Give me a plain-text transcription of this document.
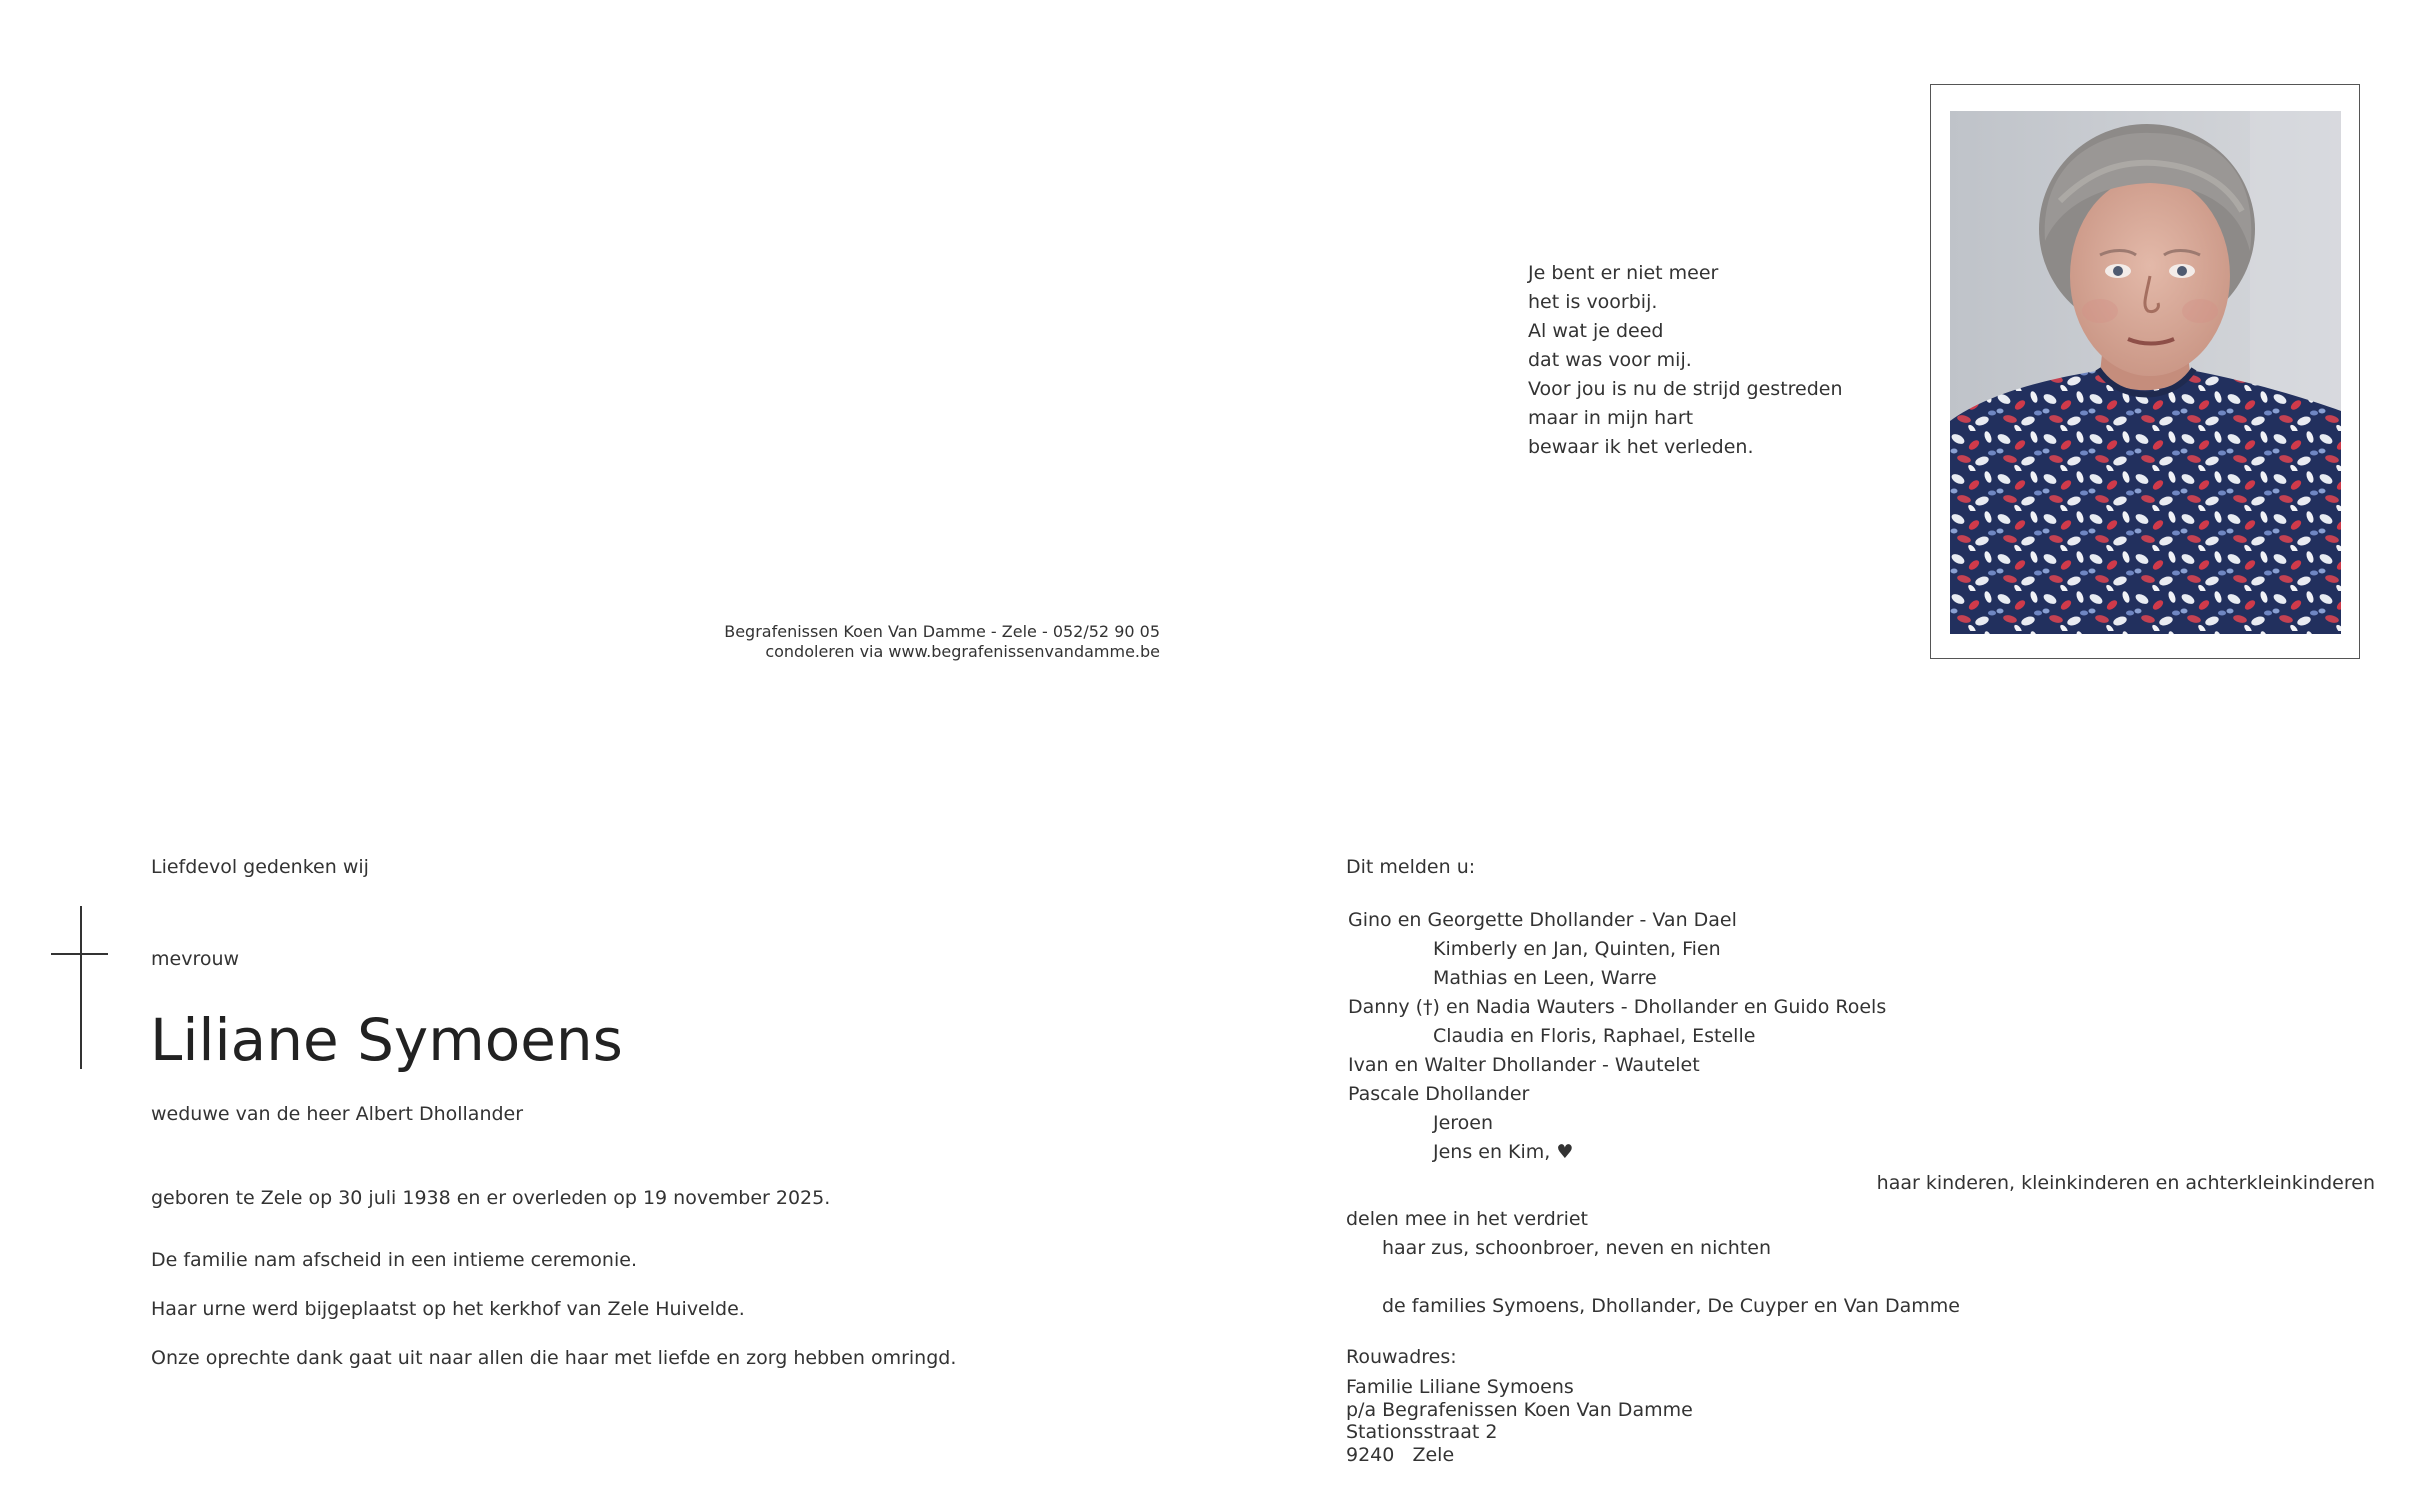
Begrafenissen Koen Van Damme - Zele - 052/52 90 05
condoleren via www.begrafenissenvandamme.be
Je bent er niet meer
het is voorbij.
Al wat je deed
dat was voor mij.
Voor jou is nu de strijd gestreden
maar in mijn hart
bewaar ik het verleden.
Liefdevol gedenken wij
mevrouw
Liliane Symoens
weduwe van de heer Albert Dhollander
geboren te Zele op 30 juli 1938 en er overleden op 19 november 2025.
De familie nam afscheid in een intieme ceremonie.
Haar urne werd bijgeplaatst op het kerkhof van Zele Huivelde.
Onze oprechte dank gaat uit naar allen die haar met liefde en zorg hebben omringd.
Dit melden u:
Gino en Georgette Dhollander - Van Dael
Kimberly en Jan, Quinten, Fien
Mathias en Leen, Warre
Danny (†) en Nadia Wauters - Dhollander en Guido Roels
Claudia en Floris, Raphael, Estelle
Ivan en Walter Dhollander - Wautelet
Pascale Dhollander
Jeroen
Jens en Kim, ♥
haar kinderen, kleinkinderen en achterkleinkinderen
delen mee in het verdriet
haar zus, schoonbroer, neven en nichten
de families Symoens, Dhollander, De Cuyper en Van Damme
Rouwadres:
Familie Liliane Symoens
p/a Begrafenissen Koen Van Damme
Stationsstraat 2
9240   Zele
